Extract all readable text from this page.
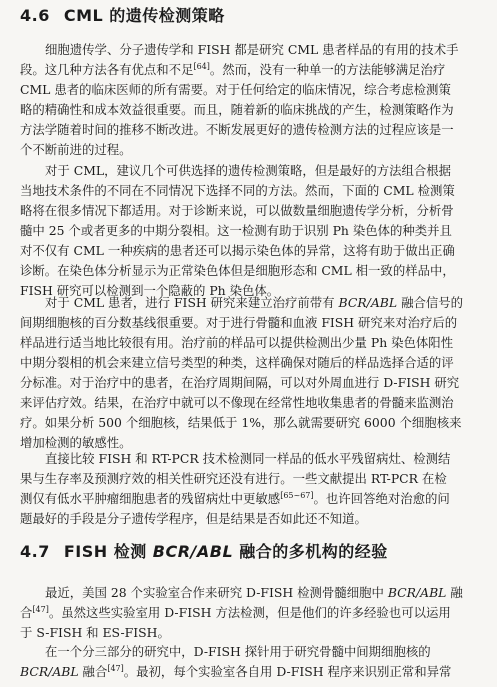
4.6 CML 的遗传检测策略

细胞遗传学、分子遗传学和 FISH 都是研究 CML 患者样品的有用的技术手
段。这几种方法各有优点和不足[64]。然而，没有一种单一的方法能够满足治疗
CML 患者的临床医师的所有需要。对于任何给定的临床情况，综合考虑检测策
略的精确性和成本效益很重要。而且，随着新的临床挑战的产生，检测策略作为
方法学随着时间的推移不断改进。不断发展更好的遗传检测方法的过程应该是一
个不断前进的过程。

对于 CML，建议几个可供选择的遗传检测策略，但是最好的方法组合根据
当地技术条件的不同在不同情况下选择不同的方法。然而，下面的 CML 检测策
略将在很多情况下都适用。对于诊断来说，可以做数量细胞遗传学分析，分析骨
髓中 25 个或者更多的中期分裂相。这一检测有助于识别 Ph 染色体的种类并且
对不仅有 CML 一种疾病的患者还可以揭示染色体的异常，这将有助于做出正确
诊断。在染色体分析显示为正常染色体但是细胞形态和 CML 相一致的样品中，
FISH 研究可以检测到一个隐蔽的 Ph 染色体。

对于 CML 患者，进行 FISH 研究来建立治疗前带有 BCR/ABL 融合信号的
间期细胞核的百分数基线很重要。对于进行骨髓和血液 FISH 研究来对治疗后的
样品进行适当地比较很有用。治疗前的样品可以提供检测出少量 Ph 染色体阳性
中期分裂相的机会来建立信号类型的种类，这样确保对随后的样品选择合适的评
分标准。对于治疗中的患者，在治疗周期间隔，可以对外周血进行 D-FISH 研究
来评估疗效。结果，在治疗中就可以不像现在经常性地收集患者的骨髓来监测治
疗。如果分析 500 个细胞核，结果低于 1%，那么就需要研究 6000 个细胞核来
增加检测的敏感性。

直接比较 FISH 和 RT-PCR 技术检测同一样品的低水平残留病灶、检测结
果与生存率及预测疗效的相关性研究还没有进行。一些文献提出 RT-PCR 在检
测仅有低水平肿瘤细胞患者的残留病灶中更敏感[65~67]。也许回答绝对治愈的问
题最好的手段是分子遗传学程序，但是结果是否如此还不知道。

4.7 FISH 检测 BCR/ABL 融合的多机构的经验

最近，美国 28 个实验室合作来研究 D-FISH 检测骨髓细胞中 BCR/ABL 融
合[47]。虽然这些实验室用 D-FISH 方法检测，但是他们的许多经验也可以运用
于 S-FISH 和 ES-FISH。

在一个分三部分的研究中，D-FISH 探针用于研究骨髓中间期细胞核的
BCR/ABL 融合[47]。最初，每个实验室各自用 D-FISH 程序来识别正常和异常
